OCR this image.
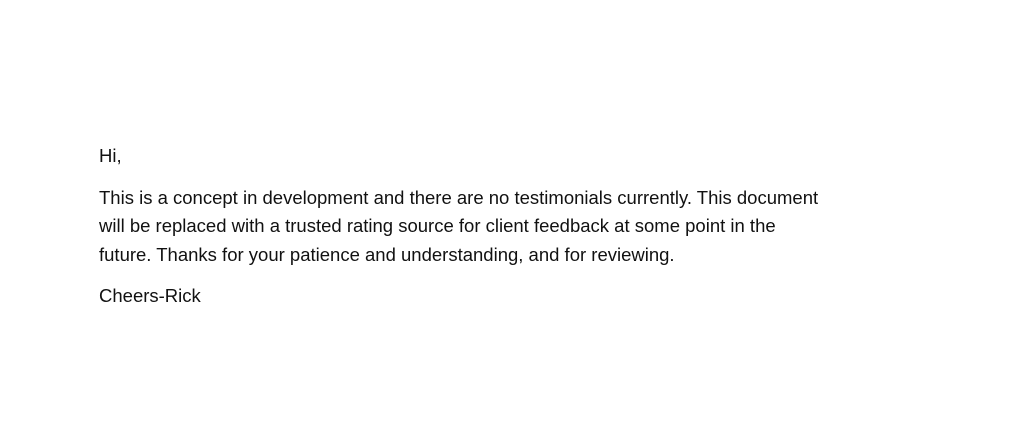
Hi,

This is a concept in development and there are no testimonials currently. This document will be replaced with a trusted rating source for client feedback at some point in the future. Thanks for your patience and understanding, and for reviewing.

Cheers-Rick
